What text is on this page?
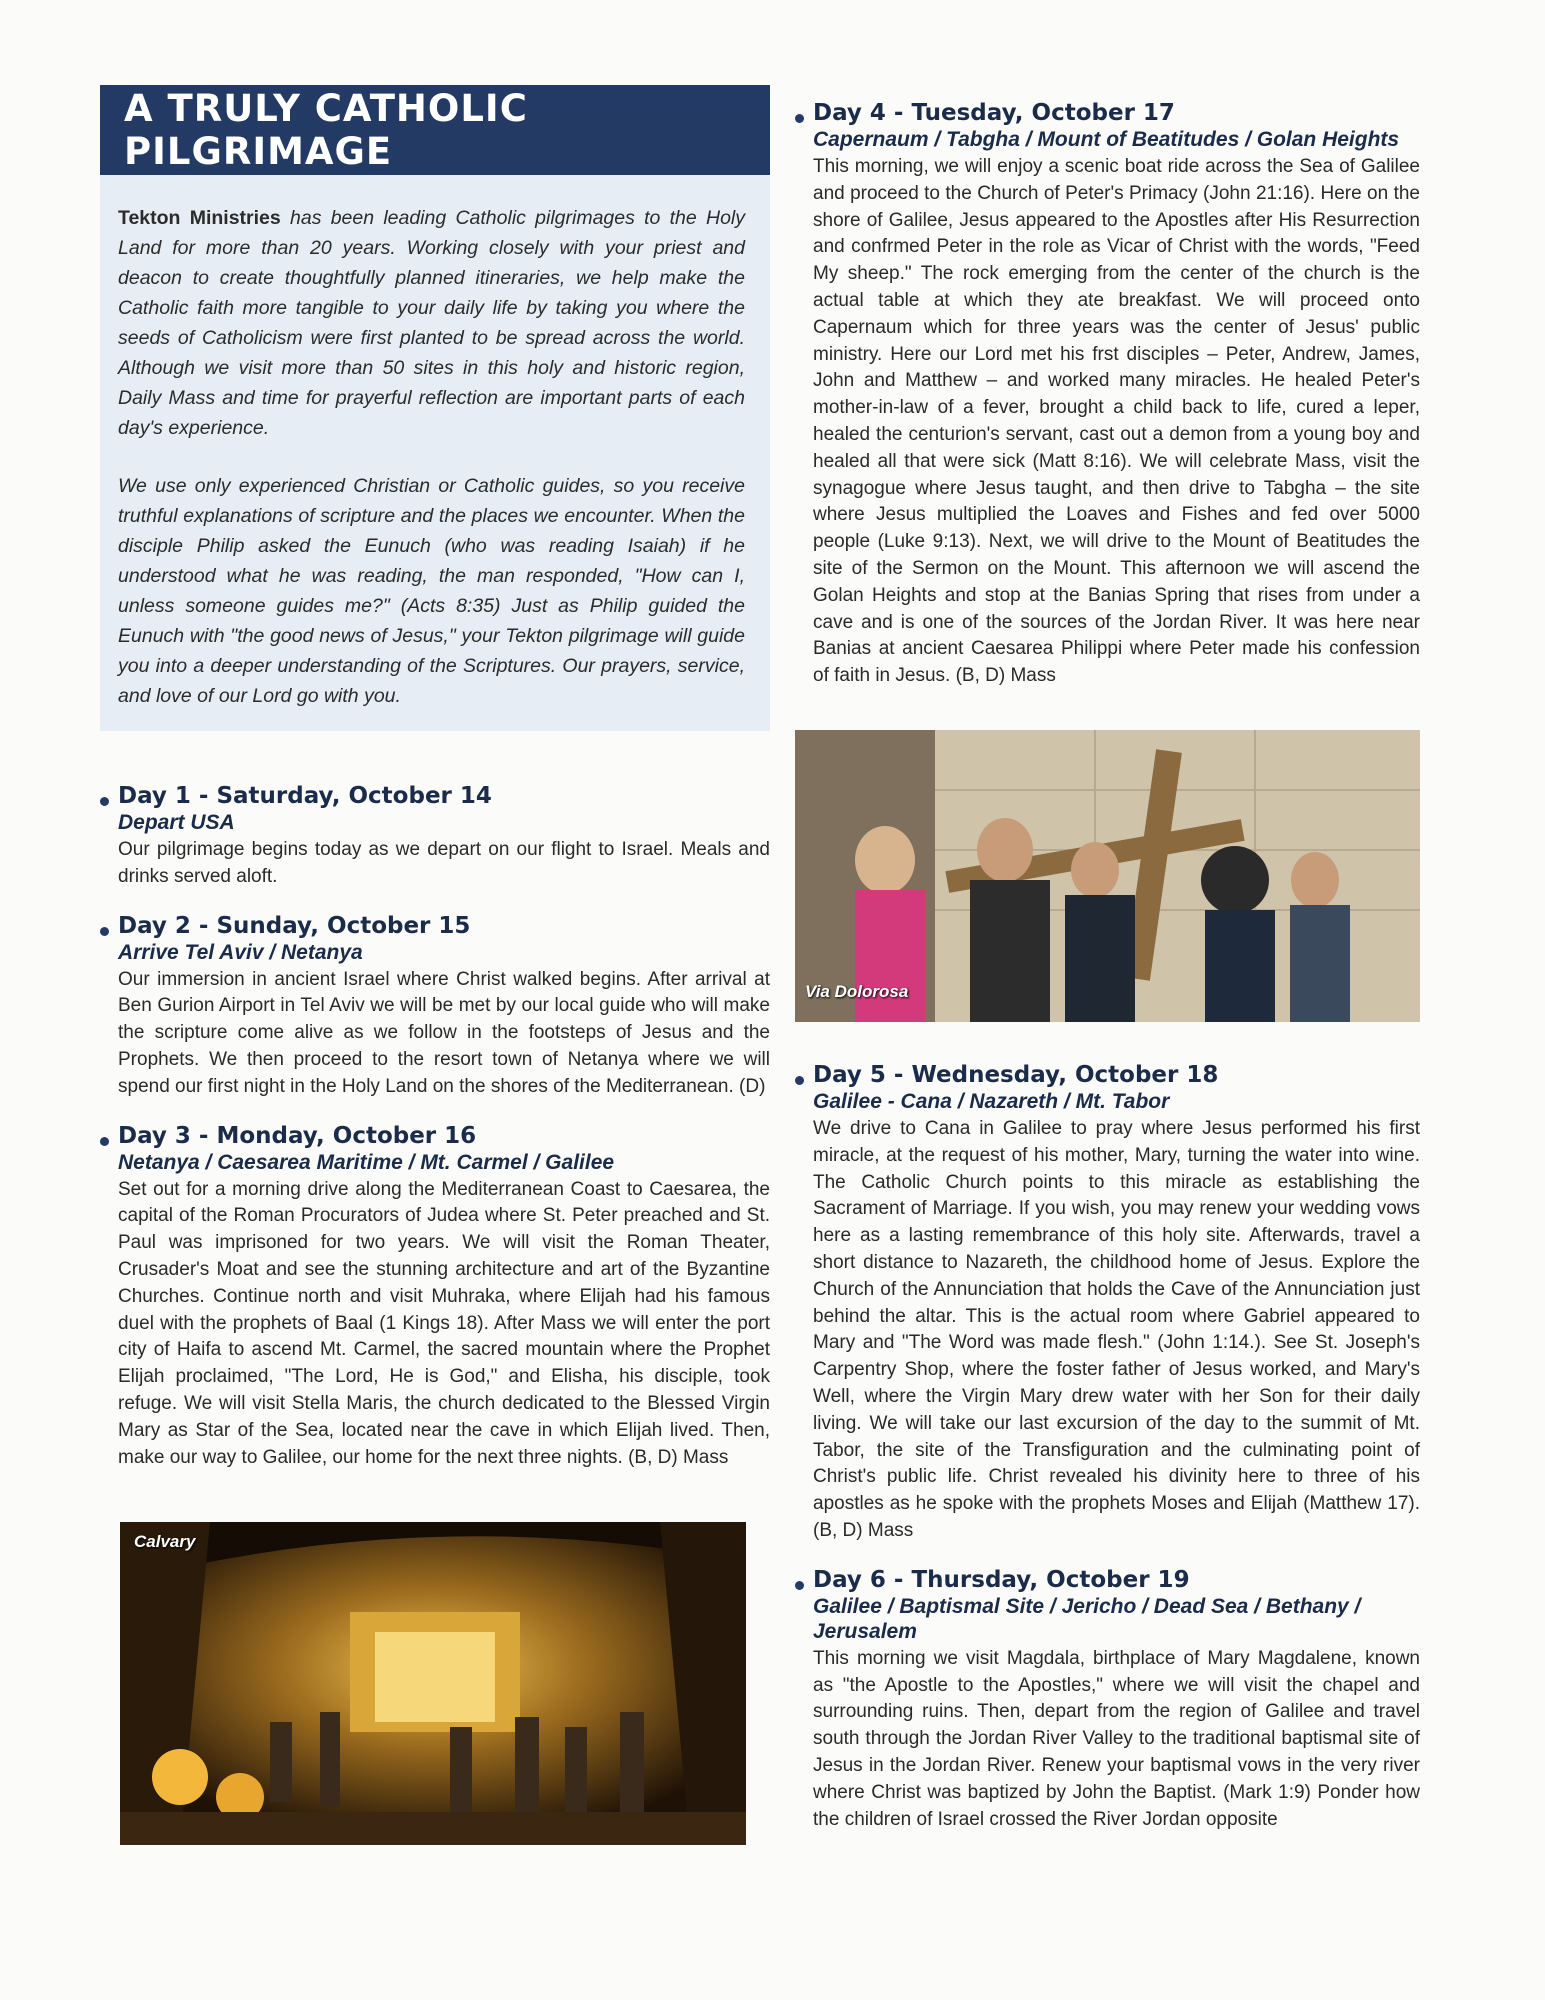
A TRULY CATHOLIC PILGRIMAGE

Tekton Ministries has been leading Catholic pilgrimages to the Holy Land for more than 20 years. Working closely with your priest and deacon to create thoughtfully planned itineraries, we help make the Catholic faith more tangible to your daily life by taking you where the seeds of Catholicism were first planted to be spread across the world. Although we visit more than 50 sites in this holy and historic region, Daily Mass and time for prayerful reflection are important parts of each day's experience.

We use only experienced Christian or Catholic guides, so you receive truthful explanations of scripture and the places we encounter. When the disciple Philip asked the Eunuch (who was reading Isaiah) if he understood what he was reading, the man responded, "How can I, unless someone guides me?" (Acts 8:35) Just as Philip guided the Eunuch with "the good news of Jesus," your Tekton pilgrimage will guide you into a deeper understanding of the Scriptures. Our prayers, service, and love of our Lord go with you.

Day 1 - Saturday, October 14
Depart USA
Our pilgrimage begins today as we depart on our flight to Israel. Meals and drinks served aloft.
Day 2 - Sunday, October 15
Arrive Tel Aviv / Netanya
Our immersion in ancient Israel where Christ walked begins. After arrival at Ben Gurion Airport in Tel Aviv we will be met by our local guide who will make the scripture come alive as we follow in the footsteps of Jesus and the Prophets. We then proceed to the resort town of Netanya where we will spend our first night in the Holy Land on the shores of the Mediterranean. (D)
Day 3 - Monday, October 16
Netanya / Caesarea Maritime / Mt. Carmel / Galilee
Set out for a morning drive along the Mediterranean Coast to Caesarea, the capital of the Roman Procurators of Judea where St. Peter preached and St. Paul was imprisoned for two years. We will visit the Roman Theater, Crusader's Moat and see the stunning architecture and art of the Byzantine Churches. Continue north and visit Muhraka, where Elijah had his famous duel with the prophets of Baal (1 Kings 18). After Mass we will enter the port city of Haifa to ascend Mt. Carmel, the sacred mountain where the Prophet Elijah proclaimed, "The Lord, He is God," and Elisha, his disciple, took refuge. We will visit Stella Maris, the church dedicated to the Blessed Virgin Mary as Star of the Sea, located near the cave in which Elijah lived. Then, make our way to Galilee, our home for the next three nights. (B, D) Mass
Calvary
Day 4 - Tuesday, October 17
Capernaum / Tabgha / Mount of Beatitudes / Golan Heights
This morning, we will enjoy a scenic boat ride across the Sea of Galilee and proceed to the Church of Peter's Primacy (John 21:16). Here on the shore of Galilee, Jesus appeared to the Apostles after His Resurrection and confrmed Peter in the role as Vicar of Christ with the words, "Feed My sheep." The rock emerging from the center of the church is the actual table at which they ate breakfast. We will proceed onto Capernaum which for three years was the center of Jesus' public ministry. Here our Lord met his frst disciples – Peter, Andrew, James, John and Matthew – and worked many miracles. He healed Peter's mother-in-law of a fever, brought a child back to life, cured a leper, healed the centurion's servant, cast out a demon from a young boy and healed all that were sick (Matt 8:16). We will celebrate Mass, visit the synagogue where Jesus taught, and then drive to Tabgha – the site where Jesus multiplied the Loaves and Fishes and fed over 5000 people (Luke 9:13). Next, we will drive to the Mount of Beatitudes the site of the Sermon on the Mount. This afternoon we will ascend the Golan Heights and stop at the Banias Spring that rises from under a cave and is one of the sources of the Jordan River. It was here near Banias at ancient Caesarea Philippi where Peter made his confession of faith in Jesus. (B, D) Mass
Via Dolorosa
Day 5 - Wednesday, October 18
Galilee - Cana / Nazareth / Mt. Tabor
We drive to Cana in Galilee to pray where Jesus performed his first miracle, at the request of his mother, Mary, turning the water into wine. The Catholic Church points to this miracle as establishing the Sacrament of Marriage. If you wish, you may renew your wedding vows here as a lasting remembrance of this holy site. Afterwards, travel a short distance to Nazareth, the childhood home of Jesus. Explore the Church of the Annunciation that holds the Cave of the Annunciation just behind the altar. This is the actual room where Gabriel appeared to Mary and "The Word was made flesh." (John 1:14.). See St. Joseph's Carpentry Shop, where the foster father of Jesus worked, and Mary's Well, where the Virgin Mary drew water with her Son for their daily living. We will take our last excursion of the day to the summit of Mt. Tabor, the site of the Transfiguration and the culminating point of Christ's public life. Christ revealed his divinity here to three of his apostles as he spoke with the prophets Moses and Elijah (Matthew 17). (B, D) Mass
Day 6 - Thursday, October 19
Galilee / Baptismal Site / Jericho / Dead Sea / Bethany / Jerusalem
This morning we visit Magdala, birthplace of Mary Magdalene, known as "the Apostle to the Apostles," where we will visit the chapel and surrounding ruins. Then, depart from the region of Galilee and travel south through the Jordan River Valley to the traditional baptismal site of Jesus in the Jordan River. Renew your baptismal vows in the very river where Christ was baptized by John the Baptist. (Mark 1:9) Ponder how the children of Israel crossed the River Jordan opposite
